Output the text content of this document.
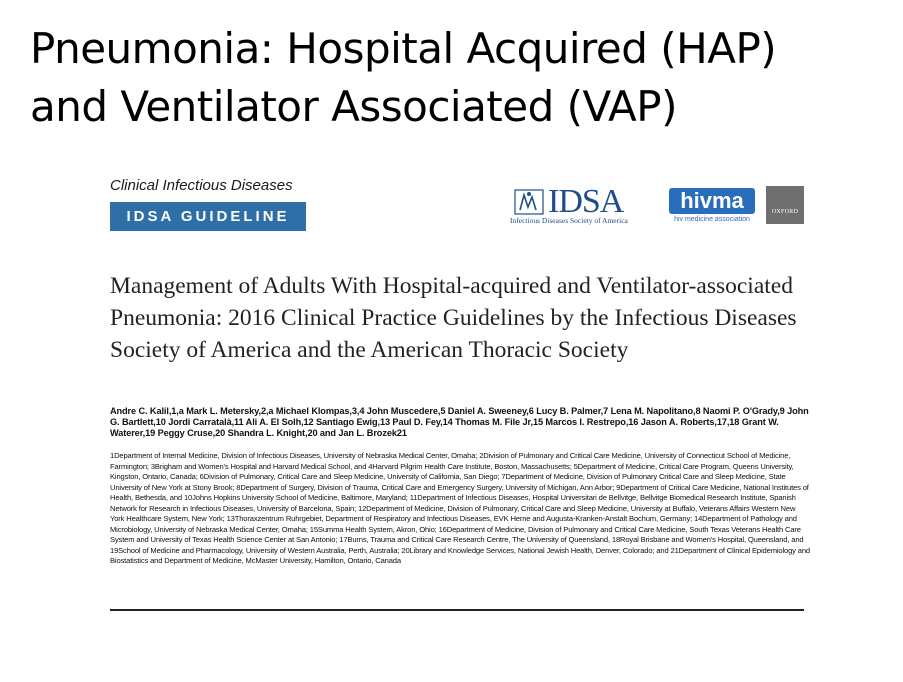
Pneumonia: Hospital Acquired (HAP)
and Ventilator Associated (VAP)
Clinical Infectious Diseases
IDSA GUIDELINE	IDSA
Infectious Diseases Society of America
hivma
hiv medicine association
OXFORD
Management of Adults With Hospital-acquired and Ventilator-associated Pneumonia: 2016 Clinical Practice Guidelines by the Infectious Diseases Society of America and the American Thoracic Society
Andre C. Kalil,1,a Mark L. Metersky,2,a Michael Klompas,3,4 John Muscedere,5 Daniel A. Sweeney,6 Lucy B. Palmer,7 Lena M. Napolitano,8 Naomi P. O'Grady,9 John G. Bartlett,10 Jordi Carratalà,11 Ali A. El Solh,12 Santiago Ewig,13 Paul D. Fey,14 Thomas M. File Jr,15 Marcos I. Restrepo,16 Jason A. Roberts,17,18 Grant W. Waterer,19 Peggy Cruse,20 Shandra L. Knight,20 and Jan L. Brozek21

1Department of Internal Medicine, Division of Infectious Diseases, University of Nebraska Medical Center, Omaha; 2Division of Pulmonary and Critical Care Medicine, University of Connecticut School of Medicine, Farmington; 3Brigham and Women's Hospital and Harvard Medical School, and 4Harvard Pilgrim Health Care Institute, Boston, Massachusetts; 5Department of Medicine, Critical Care Program, Queens University, Kingston, Ontario, Canada; 6Division of Pulmonary, Critical Care and Sleep Medicine, University of California, San Diego; 7Department of Medicine, Division of Pulmonary Critical Care and Sleep Medicine, State University of New York at Stony Brook; 8Department of Surgery, Division of Trauma, Critical Care and Emergency Surgery, University of Michigan, Ann Arbor; 9Department of Critical Care Medicine, National Institutes of Health, Bethesda, and 10Johns Hopkins University School of Medicine, Baltimore, Maryland; 11Department of Infectious Diseases, Hospital Universitari de Bellvitge, Bellvitge Biomedical Research Institute, Spanish Network for Research in Infectious Diseases, University of Barcelona, Spain; 12Department of Medicine, Division of Pulmonary, Critical Care and Sleep Medicine, University at Buffalo, Veterans Affairs Western New York Healthcare System, New York; 13Thoraxzentrum Ruhrgebiet, Department of Respiratory and Infectious Diseases, EVK Herne and Augusta-Kranken-Anstalt Bochum, Germany; 14Department of Pathology and Microbiology, University of Nebraska Medical Center, Omaha; 15Summa Health System, Akron, Ohio; 16Department of Medicine, Division of Pulmonary and Critical Care Medicine, South Texas Veterans Health Care System and University of Texas Health Science Center at San Antonio; 17Burns, Trauma and Critical Care Research Centre, The University of Queensland, 18Royal Brisbane and Women's Hospital, Queensland, and 19School of Medicine and Pharmacology, University of Western Australia, Perth, Australia; 20Library and Knowledge Services, National Jewish Health, Denver, Colorado; and 21Department of Clinical Epidemiology and Biostatistics and Department of Medicine, McMaster University, Hamilton, Ontario, Canada
